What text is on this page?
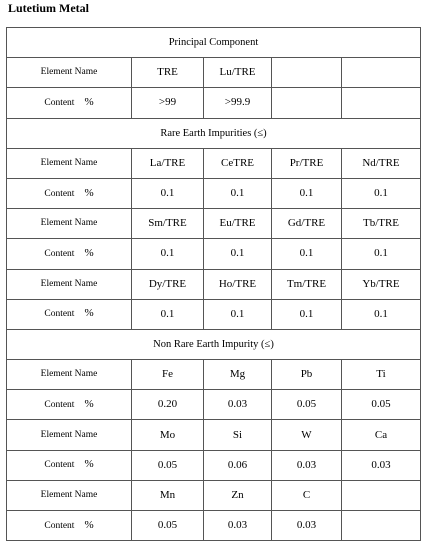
Lutetium Metal
Principal Component				
Element Name	TRE	Lu/TRE		
Content %	>99	>99.9		
Rare Earth Impurities (≤)				
Element Name	La/TRE	CeTRE	Pr/TRE	Nd/TRE
Content %	0.1	0.1	0.1	0.1
Element Name	Sm/TRE	Eu/TRE	Gd/TRE	Tb/TRE
Content %	0.1	0.1	0.1	0.1
Element Name	Dy/TRE	Ho/TRE	Tm/TRE	Yb/TRE
Content %	0.1	0.1	0.1	0.1
Non Rare Earth Impurity (≤)				
Element Name	Fe	Mg	Pb	Ti
Content %	0.20	0.03	0.05	0.05
Element Name	Mo	Si	W	Ca
Content %	0.05	0.06	0.03	0.03
Element Name	Mn	Zn	C	
Content %	0.05	0.03	0.03	
